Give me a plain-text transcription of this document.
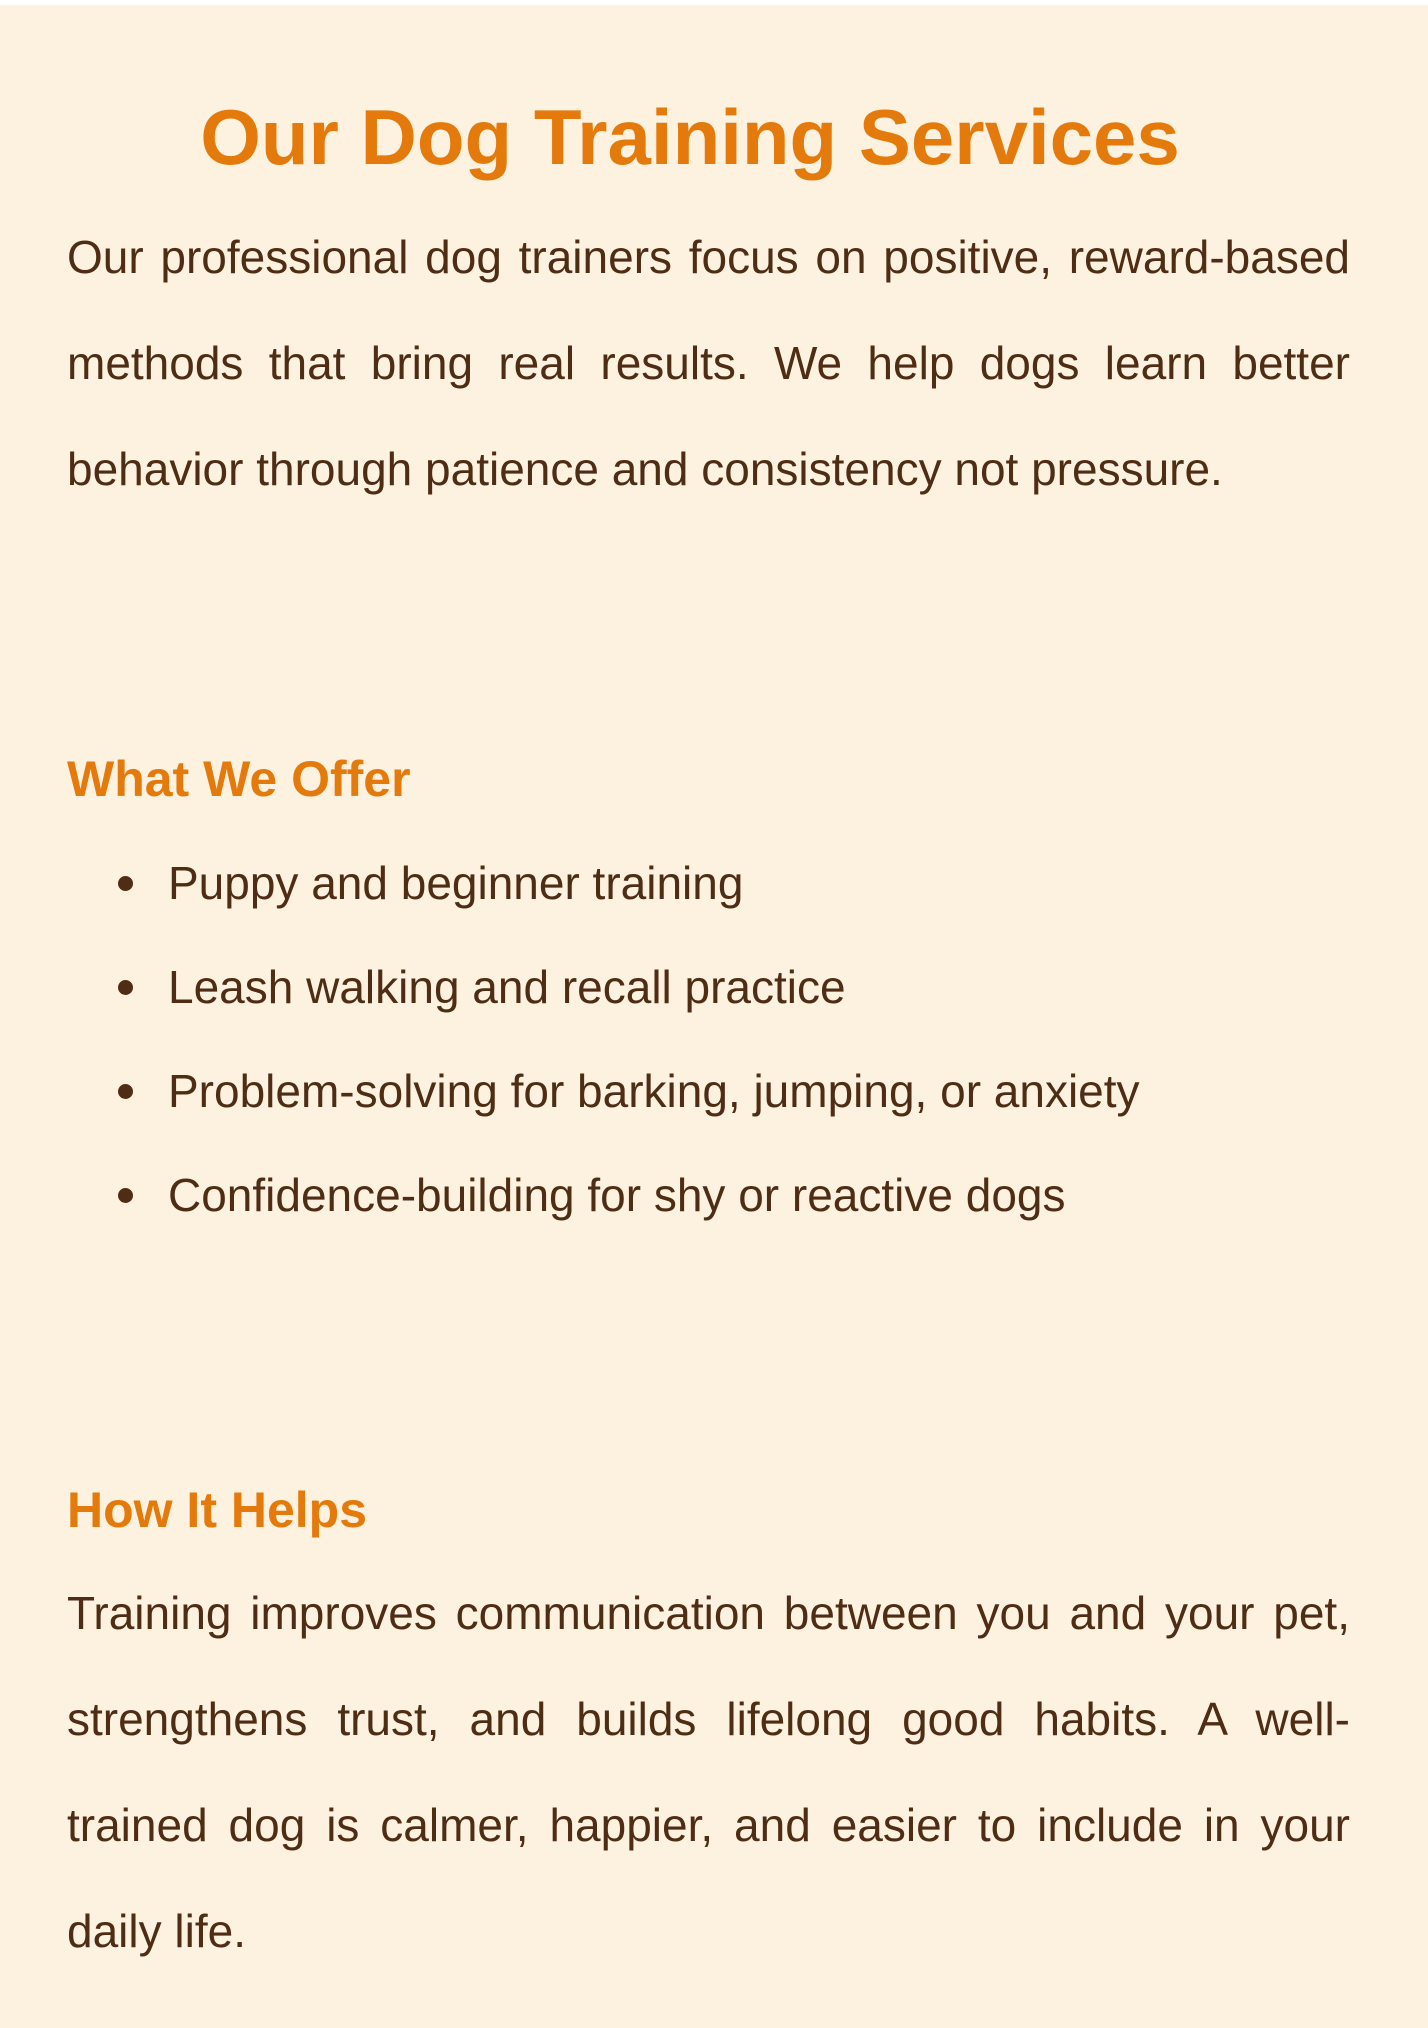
Our Dog Training Services

Our professional dog trainers focus on positive, reward-based methods that bring real results. We help dogs learn better behavior through patience and consistency not pressure.

What We Offer
Puppy and beginner training
Leash walking and recall practice
Problem-solving for barking, jumping, or anxiety
Confidence-building for shy or reactive dogs
How It Helps

Training improves communication between you and your pet, strengthens trust, and builds lifelong good habits. A well-trained dog is calmer, happier, and easier to include in your daily life.
